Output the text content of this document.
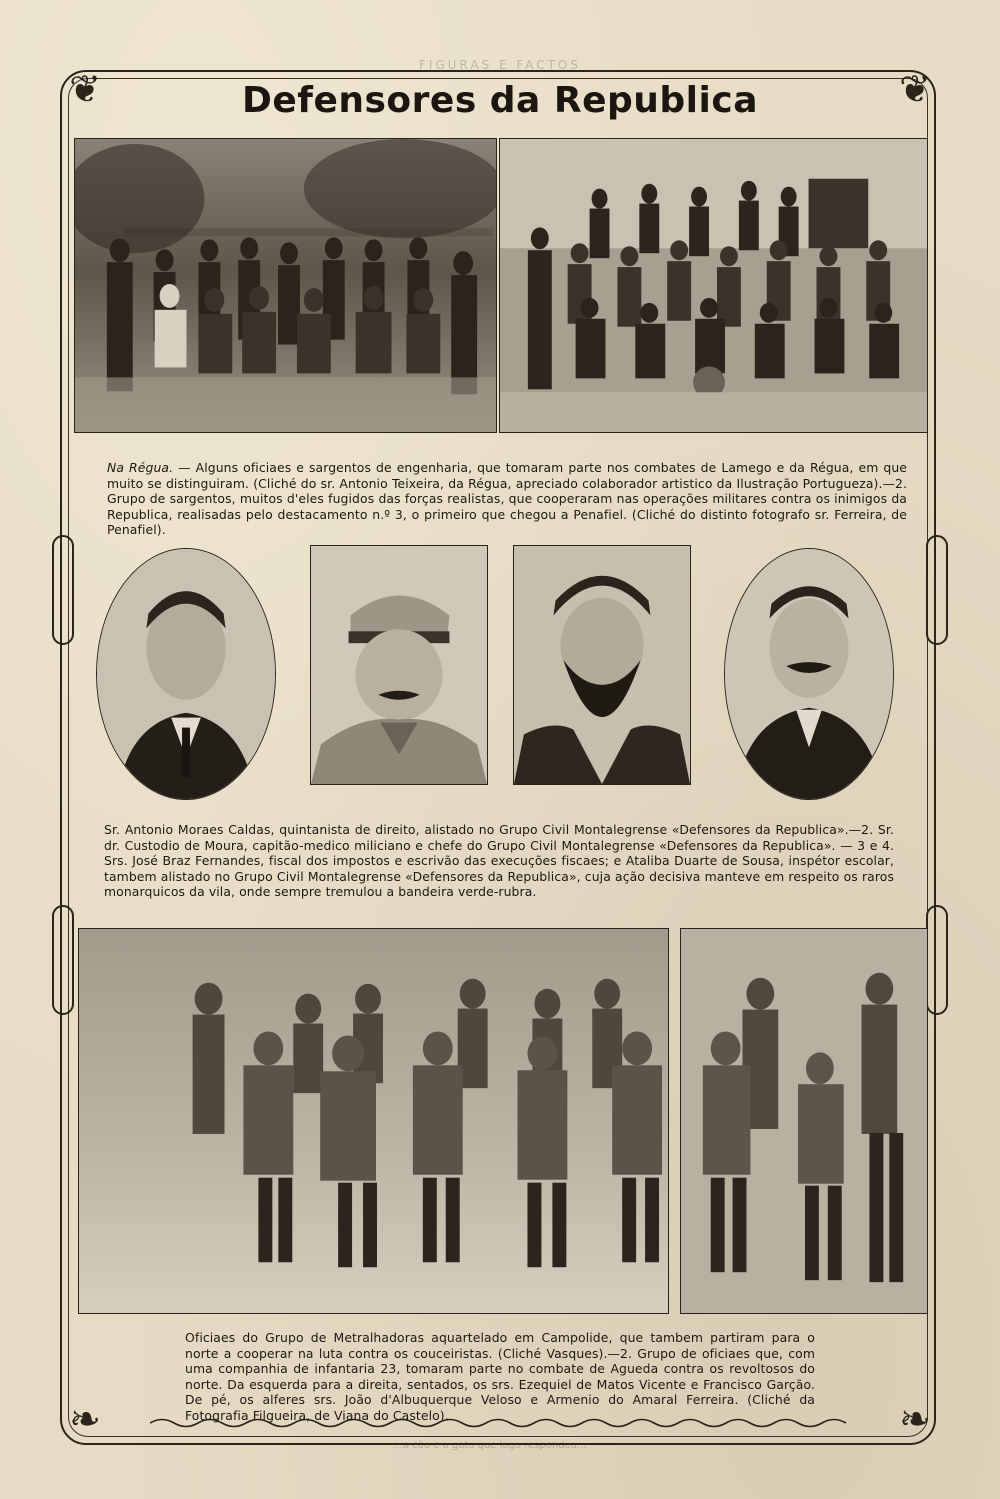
FIGURAS E FACTOS
❦	❦
❧	❧
Defensores da Republica
Na Régua. — Alguns oficiaes e sargentos de engenharia, que tomaram parte nos combates de Lamego e da Régua, em que muito se distinguiram. (Cliché do sr. Antonio Teixeira, da Régua, apreciado colaborador artistico da Ilustração Portugueza).—2. Grupo de sargentos, muitos d'eles fugidos das forças realistas, que cooperaram nas operações militares contra os inimigos da Republica, realisadas pelo destacamento n.º 3, o primeiro que chegou a Penafiel. (Cliché do distinto fotografo sr. Ferreira, de Penafiel).
Sr. Antonio Moraes Caldas, quintanista de direito, alistado no Grupo Civil Montalegrense «Defensores da Republica».—2. Sr. dr. Custodio de Moura, capitão-medico miliciano e chefe do Grupo Civil Montalegrense «Defensores da Republica». — 3 e 4. Srs. José Braz Fernandes, fiscal dos impostos e escrivão das execuções fiscaes; e Ataliba Duarte de Sousa, inspétor escolar, tambem alistado no Grupo Civil Montalegrense «Defensores da Republica», cuja ação decisiva manteve em respeito os raros monarquicos da vila, onde sempre tremulou a bandeira verde-rubra.
Oficiaes do Grupo de Metralhadoras aquartelado em Campolide, que tambem partiram para o norte a cooperar na luta contra os couceiristas. (Cliché Vasques).—2. Grupo de oficiaes que, com uma companhia de infantaria 23, tomaram parte no combate de Agueda contra os revoltosos do norte. Da esquerda para a direita, sentados, os srs. Ezequiel de Matos Vicente e Francisco Garção. De pé, os alferes srs. João d'Albuquerque Veloso e Armenio do Amaral Ferreira. (Cliché da Fotografia Filgueira, de Viana do Castelo).
...a cão e a gato que logo respondeu...
